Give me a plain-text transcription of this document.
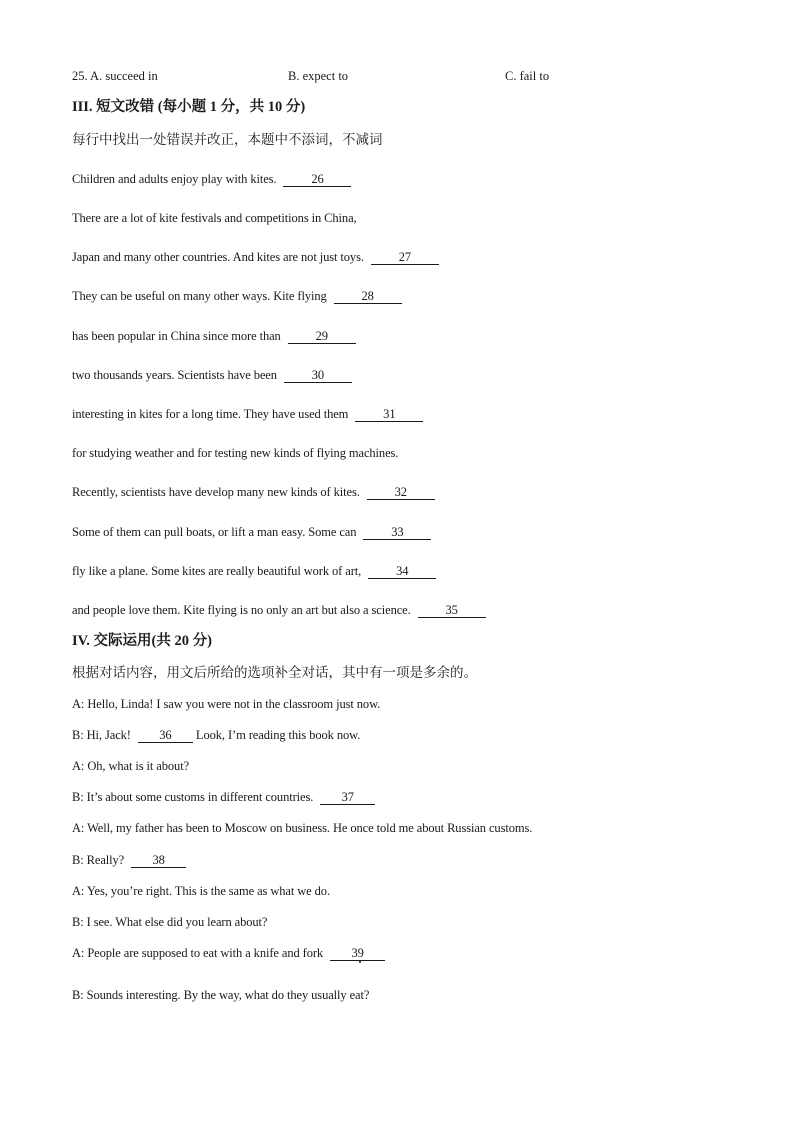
25. A. succeed in	B. expect to	C. fail to
III. 短文改错 (每小题 1 分，共 10 分)
每行中找出一处错误并改正，本题中不添词，不减词
Children and adults enjoy play with kites.	26
There are a lot of kite festivals and competitions in China,
Japan and many other countries. And kites are not just toys.	27
They can be useful on many other ways. Kite flying	28
has been popular in China since more than	29
two thousands years. Scientists have been	30
interesting in kites for a long time. They have used them	31
for studying weather and for testing new kinds of flying machines.
Recently, scientists have develop many new kinds of kites.	32
Some of them can pull boats, or lift a man easy. Some can	33
fly like a plane. Some kites are really beautiful work of art,	34
and people love them. Kite flying is no only an art but also a science.	35
IV. 交际运用(共 20 分)
根据对话内容，用文后所给的选项补全对话，其中有一项是多余的。
A: Hello, Linda! I saw you were not in the classroom just now.
B: Hi, Jack! 36 Look, I’m reading this book now.
A: Oh, what is it about?
B: It’s about some customs in different countries. 37
A: Well, my father has been to Moscow on business. He once told me about Russian customs.
B: Really? 38
A: Yes, you’re right. This is the same as what we do.
B: I see. What else did you learn about?
A: People are supposed to eat with a knife and fork 39
B: Sounds interesting. By the way, what do they usually eat?
